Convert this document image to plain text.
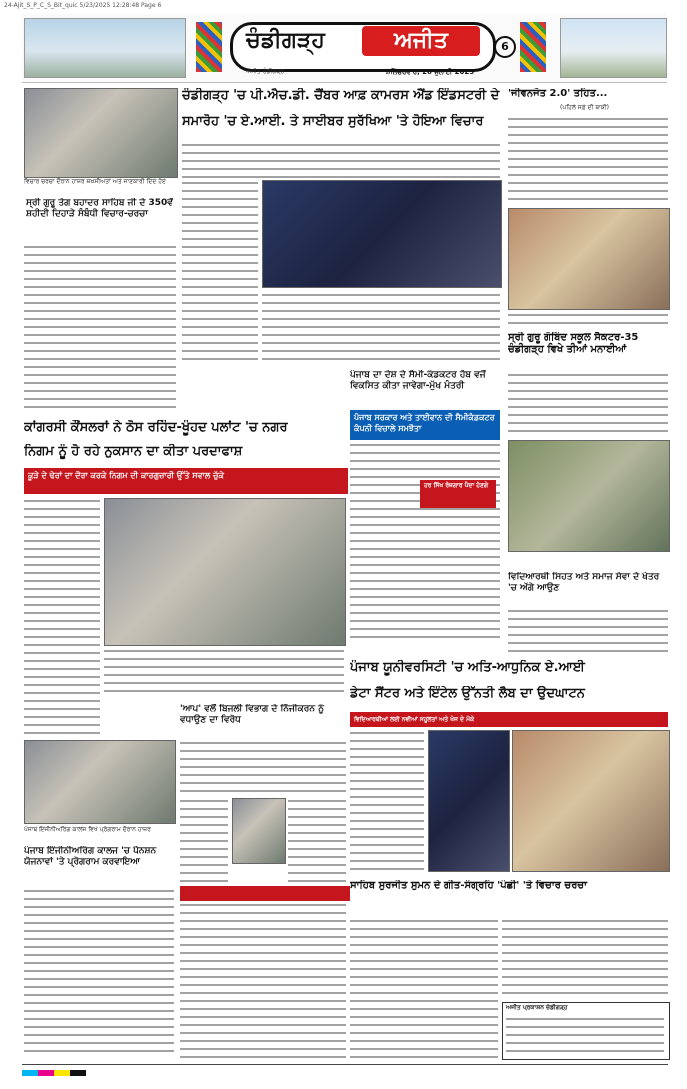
24-Ajit_S_P_C_S_Bit_quic 5/23/2025 12:28:48 Page 6
ਚੰਡੀਗੜ੍ਹ	ਅਜੀਤ	6
ਅਜੀਤ ਚੰਡੀਗੜ੍ਹ	ਸ਼ਨਿੱਚਰਵਾਰ, 26 ਜੁਲਾਈ 2025
ਵਿਚਾਰ ਚਰਚਾ ਦੌਰਾਨ ਹਾਜ਼ਰ ਸ਼ਖ਼ਸੀਅਤਾਂ ਅਤੇ ਜਾਣਕਾਰੀ ਦਿੰਦੇ ਹੋਏ
ਸ੍ਰੀ ਗੁਰੂ ਤੇਗ ਬਹਾਦਰ ਸਾਹਿਬ ਜੀ ਦੇ 350ਵੇਂ ਸ਼ਹੀਦੀ ਦਿਹਾੜੇ ਸੰਬੰਧੀ ਵਿਚਾਰ-ਚਰਚਾ
ਚੰਡੀਗੜ੍ਹ 'ਚ ਪੀ.ਐਚ.ਡੀ. ਚੈਂਬਰ ਆਫ਼ ਕਾਮਰਸ ਐਂਡ ਇੰਡਸਟਰੀ ਦੇ
ਸਮਾਰੋਹ 'ਚ ਏ.ਆਈ. ਤੇ ਸਾਈਬਰ ਸੁਰੱਖਿਆ 'ਤੇ ਹੋਇਆ ਵਿਚਾਰ
'ਜੀਵਨਜੋਤ 2.0' ਤਹਿਤ...
(ਪਹਿਲੇ ਸਫ਼ੇ ਦੀ ਬਾਕੀ)
ਸ੍ਰੀ ਗੁਰੂ ਗੋਬਿੰਦ ਸਕੂਲ ਸੈਕਟਰ-35 ਚੰਡੀਗੜ੍ਹ ਵਿਖੇ ਤੀਆਂ ਮਨਾਈਆਂ
ਪੰਜਾਬ ਦਾ ਦੇਸ਼ ਦੇ ਸੈਮੀ-ਕੰਡਕਟਰ ਹੱਬ ਵਜੋਂ ਵਿਕਸਿਤ ਕੀਤਾ ਜਾਵੇਗਾ-ਮੁੱਖ ਮੰਤਰੀ
ਪੰਜਾਬ ਸਰਕਾਰ ਅਤੇ ਤਾਈਵਾਨ ਦੀ ਸੈਮੀਕੰਡਕਟਰ ਕੰਪਨੀ ਵਿਚਾਲੇ ਸਮਝੌਤਾ
ਹਰ ਸਿੱਖ ਰੋਜ਼ਗਾਰ ਪੈਦਾ ਹੋਣਗੇ
ਕਾਂਗਰਸੀ ਕੌਂਸਲਰਾਂ ਨੇ ਠੋਸ ਰਹਿੰਦ-ਖੂੰਹਦ ਪਲਾਂਟ 'ਚ ਨਗਰ
ਨਿਗਮ ਨੂੰ ਹੋ ਰਹੇ ਨੁਕਸਾਨ ਦਾ ਕੀਤਾ ਪਰਦਾਫਾਸ਼
ਕੂੜੇ ਦੇ ਢੇਰਾਂ ਦਾ ਦੌਰਾ ਕਰਕੇ ਨਿਗਮ ਦੀ ਕਾਰਗੁਜ਼ਾਰੀ ਉੱਤੇ ਸਵਾਲ ਚੁੱਕੇ
ਵਿਦਿਆਰਥੀ ਸਿਹਤ ਅਤੇ ਸਮਾਜ ਸੇਵਾ ਦੇ ਖੇਤਰ 'ਚ ਅੱਗੇ ਆਉਣ
ਪੰਜਾਬ ਯੂਨੀਵਰਸਿਟੀ 'ਚ ਅਤਿ-ਆਧੁਨਿਕ ਏ.ਆਈ
ਡੇਟਾ ਸੈਂਟਰ ਅਤੇ ਇੰਟੇਲ ਉੱਨਤੀ ਲੈਬ ਦਾ ਉਦਘਾਟਨ
ਵਿਦਿਆਰਥੀਆਂ ਲਈ ਨਵੀਆਂ ਸਹੂਲਤਾਂ ਅਤੇ ਖੋਜ ਦੇ ਮੌਕੇ
'ਆਪ' ਵਲੋਂ ਬਿਜਲੀ ਵਿਭਾਗ ਦੇ ਨਿੱਜੀਕਰਨ ਨੂੰ ਵਧਾਉਣ ਦਾ ਵਿਰੋਧ
ਪੰਜਾਬ ਇੰਜੀਨੀਅਰਿੰਗ ਕਾਲਜ ਵਿਖੇ ਪ੍ਰੋਗਰਾਮ ਦੌਰਾਨ ਹਾਜ਼ਰ
ਪੰਜਾਬ ਇੰਜੀਨੀਅਰਿੰਗ ਕਾਲਜ 'ਚ ਪੈਨਸ਼ਨ ਯੋਜਨਾਵਾਂ 'ਤੇ ਪ੍ਰੋਗਰਾਮ ਕਰਵਾਇਆ
ਸਾਹਿਬ ਸੁਰਜੀਤ ਸੁਮਨ ਦੇ ਗੀਤ-ਸੰਗ੍ਰਹਿ 'ਪੰਛੀ' 'ਤੇ ਵਿਚਾਰ ਚਰਚਾ
ਅਜੀਤ ਪ੍ਰਕਾਸ਼ਨ ਚੰਡੀਗੜ੍ਹ
